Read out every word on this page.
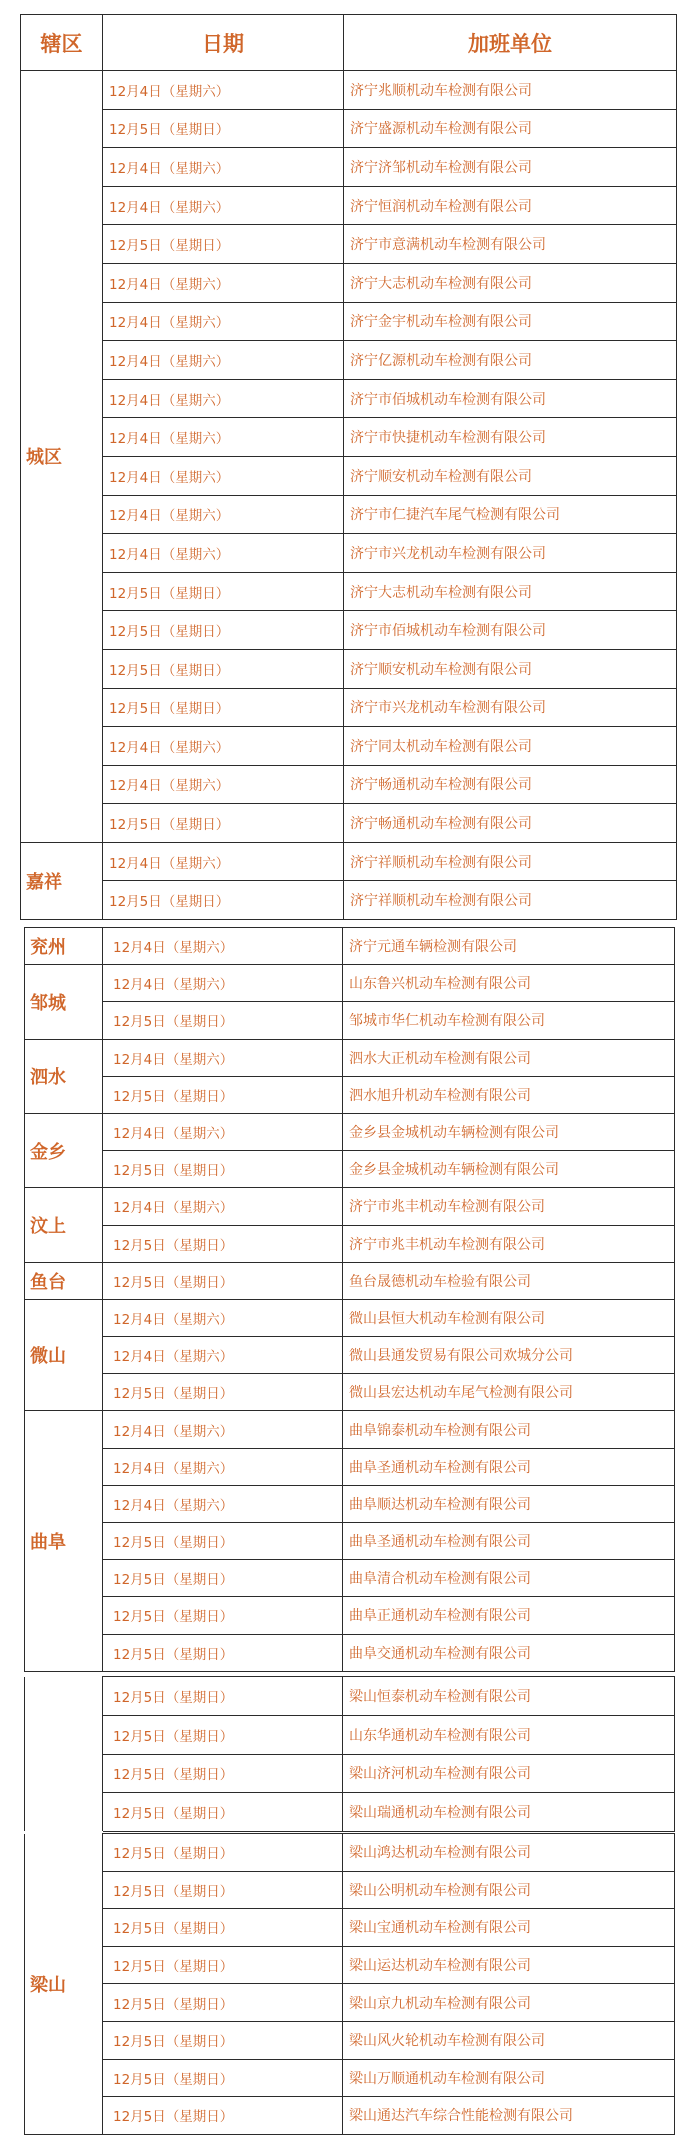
辖区	日期	加班单位
城区	12月4日（星期六）	济宁兆顺机动车检测有限公司
	12月5日（星期日）	济宁盛源机动车检测有限公司
	12月4日（星期六）	济宁济邹机动车检测有限公司
	12月4日（星期六）	济宁恒润机动车检测有限公司
	12月5日（星期日）	济宁市意满机动车检测有限公司
	12月4日（星期六）	济宁大志机动车检测有限公司
	12月4日（星期六）	济宁金宇机动车检测有限公司
	12月4日（星期六）	济宁亿源机动车检测有限公司
	12月4日（星期六）	济宁市佰城机动车检测有限公司
	12月4日（星期六）	济宁市快捷机动车检测有限公司
	12月4日（星期六）	济宁顺安机动车检测有限公司
	12月4日（星期六）	济宁市仁捷汽车尾气检测有限公司
	12月4日（星期六）	济宁市兴龙机动车检测有限公司
	12月5日（星期日）	济宁大志机动车检测有限公司
	12月5日（星期日）	济宁市佰城机动车检测有限公司
	12月5日（星期日）	济宁顺安机动车检测有限公司
	12月5日（星期日）	济宁市兴龙机动车检测有限公司
	12月4日（星期六）	济宁同太机动车检测有限公司
	12月4日（星期六）	济宁畅通机动车检测有限公司
	12月5日（星期日）	济宁畅通机动车检测有限公司
嘉祥	12月4日（星期六）	济宁祥顺机动车检测有限公司
	12月5日（星期日）	济宁祥顺机动车检测有限公司
兖州	12月4日（星期六）	济宁元通车辆检测有限公司
邹城	12月4日（星期六）	山东鲁兴机动车检测有限公司
	12月5日（星期日）	邹城市华仁机动车检测有限公司
泗水	12月4日（星期六）	泗水大正机动车检测有限公司
	12月5日（星期日）	泗水旭升机动车检测有限公司
金乡	12月4日（星期六）	金乡县金城机动车辆检测有限公司
	12月5日（星期日）	金乡县金城机动车辆检测有限公司
汶上	12月4日（星期六）	济宁市兆丰机动车检测有限公司
	12月5日（星期日）	济宁市兆丰机动车检测有限公司
鱼台	12月5日（星期日）	鱼台晟德机动车检验有限公司
微山	12月4日（星期六）	微山县恒大机动车检测有限公司
	12月4日（星期六）	微山县通发贸易有限公司欢城分公司
	12月5日（星期日）	微山县宏达机动车尾气检测有限公司
曲阜	12月4日（星期六）	曲阜锦泰机动车检测有限公司
	12月4日（星期六）	曲阜圣通机动车检测有限公司
	12月4日（星期六）	曲阜顺达机动车检测有限公司
	12月5日（星期日）	曲阜圣通机动车检测有限公司
	12月5日（星期日）	曲阜清合机动车检测有限公司
	12月5日（星期日）	曲阜正通机动车检测有限公司
	12月5日（星期日）	曲阜交通机动车检测有限公司
	12月5日（星期日）	梁山恒泰机动车检测有限公司
	12月5日（星期日）	山东华通机动车检测有限公司
	12月5日（星期日）	梁山济河机动车检测有限公司
	12月5日（星期日）	梁山瑞通机动车检测有限公司
梁山	12月5日（星期日）	梁山鸿达机动车检测有限公司
	12月5日（星期日）	梁山公明机动车检测有限公司
	12月5日（星期日）	梁山宝通机动车检测有限公司
	12月5日（星期日）	梁山运达机动车检测有限公司
	12月5日（星期日）	梁山京九机动车检测有限公司
	12月5日（星期日）	梁山风火轮机动车检测有限公司
	12月5日（星期日）	梁山万顺通机动车检测有限公司
	12月5日（星期日）	梁山通达汽车综合性能检测有限公司
